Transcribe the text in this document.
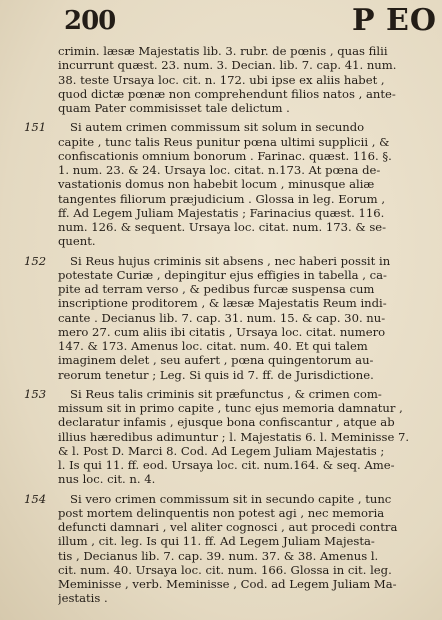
200	P EO
crimin. læsæ Majestatis lib. 3. rubr. de pœnis , quas filii
incurrunt quæst. 23. num. 3. Decian. lib. 7. cap. 41. num.
38. teste Ursaya loc. cit. n. 172. ubi ipse ex aliis habet ,
quod dictæ pœnæ non comprehendunt filios natos , ante-
quam Pater commisisset tale delictum .
151	Si autem crimen commissum sit solum in secundo
capite , tunc talis Reus punitur pœna ultimi supplicii , &
confiscationis omnium bonorum . Farinac. quæst. 116. §.
1. num. 23. & 24. Ursaya loc. citat. n.173. At pœna de-
vastationis domus non habebit locum , minusque aliæ
tangentes filiorum præjudicium . Glossa in leg. Eorum ,
ff. Ad Legem Juliam Majestatis ; Farinacius quæst. 116.
num. 126. & sequent. Ursaya loc. citat. num. 173. & se-
quent.
152	Si Reus hujus criminis sit absens , nec haberi possit in
potestate Curiæ , depingitur ejus effigies in tabella , ca-
pite ad terram verso , & pedibus furcæ suspensa cum
inscriptione proditorem , & læsæ Majestatis Reum indi-
cante . Decianus lib. 7. cap. 31. num. 15. & cap. 30. nu-
mero 27. cum aliis ibi citatis , Ursaya loc. citat. numero
147. & 173. Amenus loc. citat. num. 40. Et qui talem
imaginem delet , seu aufert , pœna quingentorum au-
reorum tenetur ; Leg. Si quis id 7. ff. de Jurisdictione.
153	Si Reus talis criminis sit præfunctus , & crimen com-
missum sit in primo capite , tunc ejus memoria damnatur ,
declaratur infamis , ejusque bona confiscantur , atque ab
illius hæredibus adimuntur ; l. Majestatis 6. l. Meminisse 7.
& l. Post D. Marci 8. Cod. Ad Legem Juliam Majestatis ;
l. Is qui 11. ff. eod. Ursaya loc. cit. num.164. & seq. Ame-
nus loc. cit. n. 4.
154	Si vero crimen commissum sit in secundo capite , tunc
post mortem delinquentis non potest agi , nec memoria
defuncti damnari , vel aliter cognosci , aut procedi contra
illum , cit. leg. Is qui 11. ff. Ad Legem Juliam Majesta-
tis , Decianus lib. 7. cap. 39. num. 37. & 38. Amenus l.
cit. num. 40. Ursaya loc. cit. num. 166. Glossa in cit. leg.
Meminisse , verb. Meminisse , Cod. ad Legem Juliam Ma-
jestatis .
